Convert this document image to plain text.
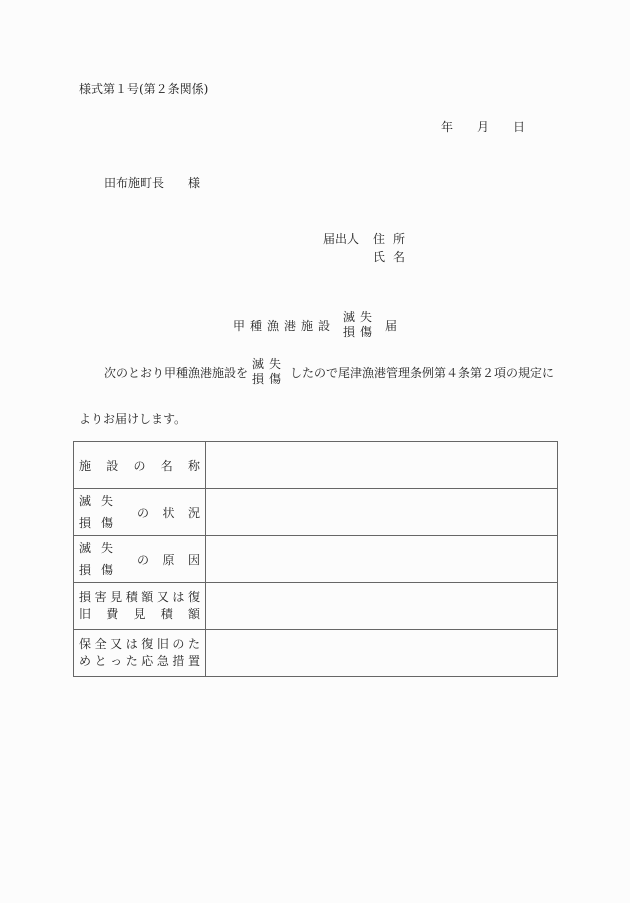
様式第１号(第２条関係)
年 月 日
田布施町長 様
届出人	住所
氏名
甲種漁港施設
滅失
損傷 届
次のとおり甲種漁港施設を
滅失
損傷 したので尾津漁港管理条例第４条第２項の規定に
よりお届けします。
施 設 の 名 称	

滅失
損傷
の 状 況	

滅失
損傷
の 原 因	

損 害 見 積 額 又 は 復
旧 費 見 積 額

保 全 又 は 復 旧 の た
め と っ た 応 急 措 置
